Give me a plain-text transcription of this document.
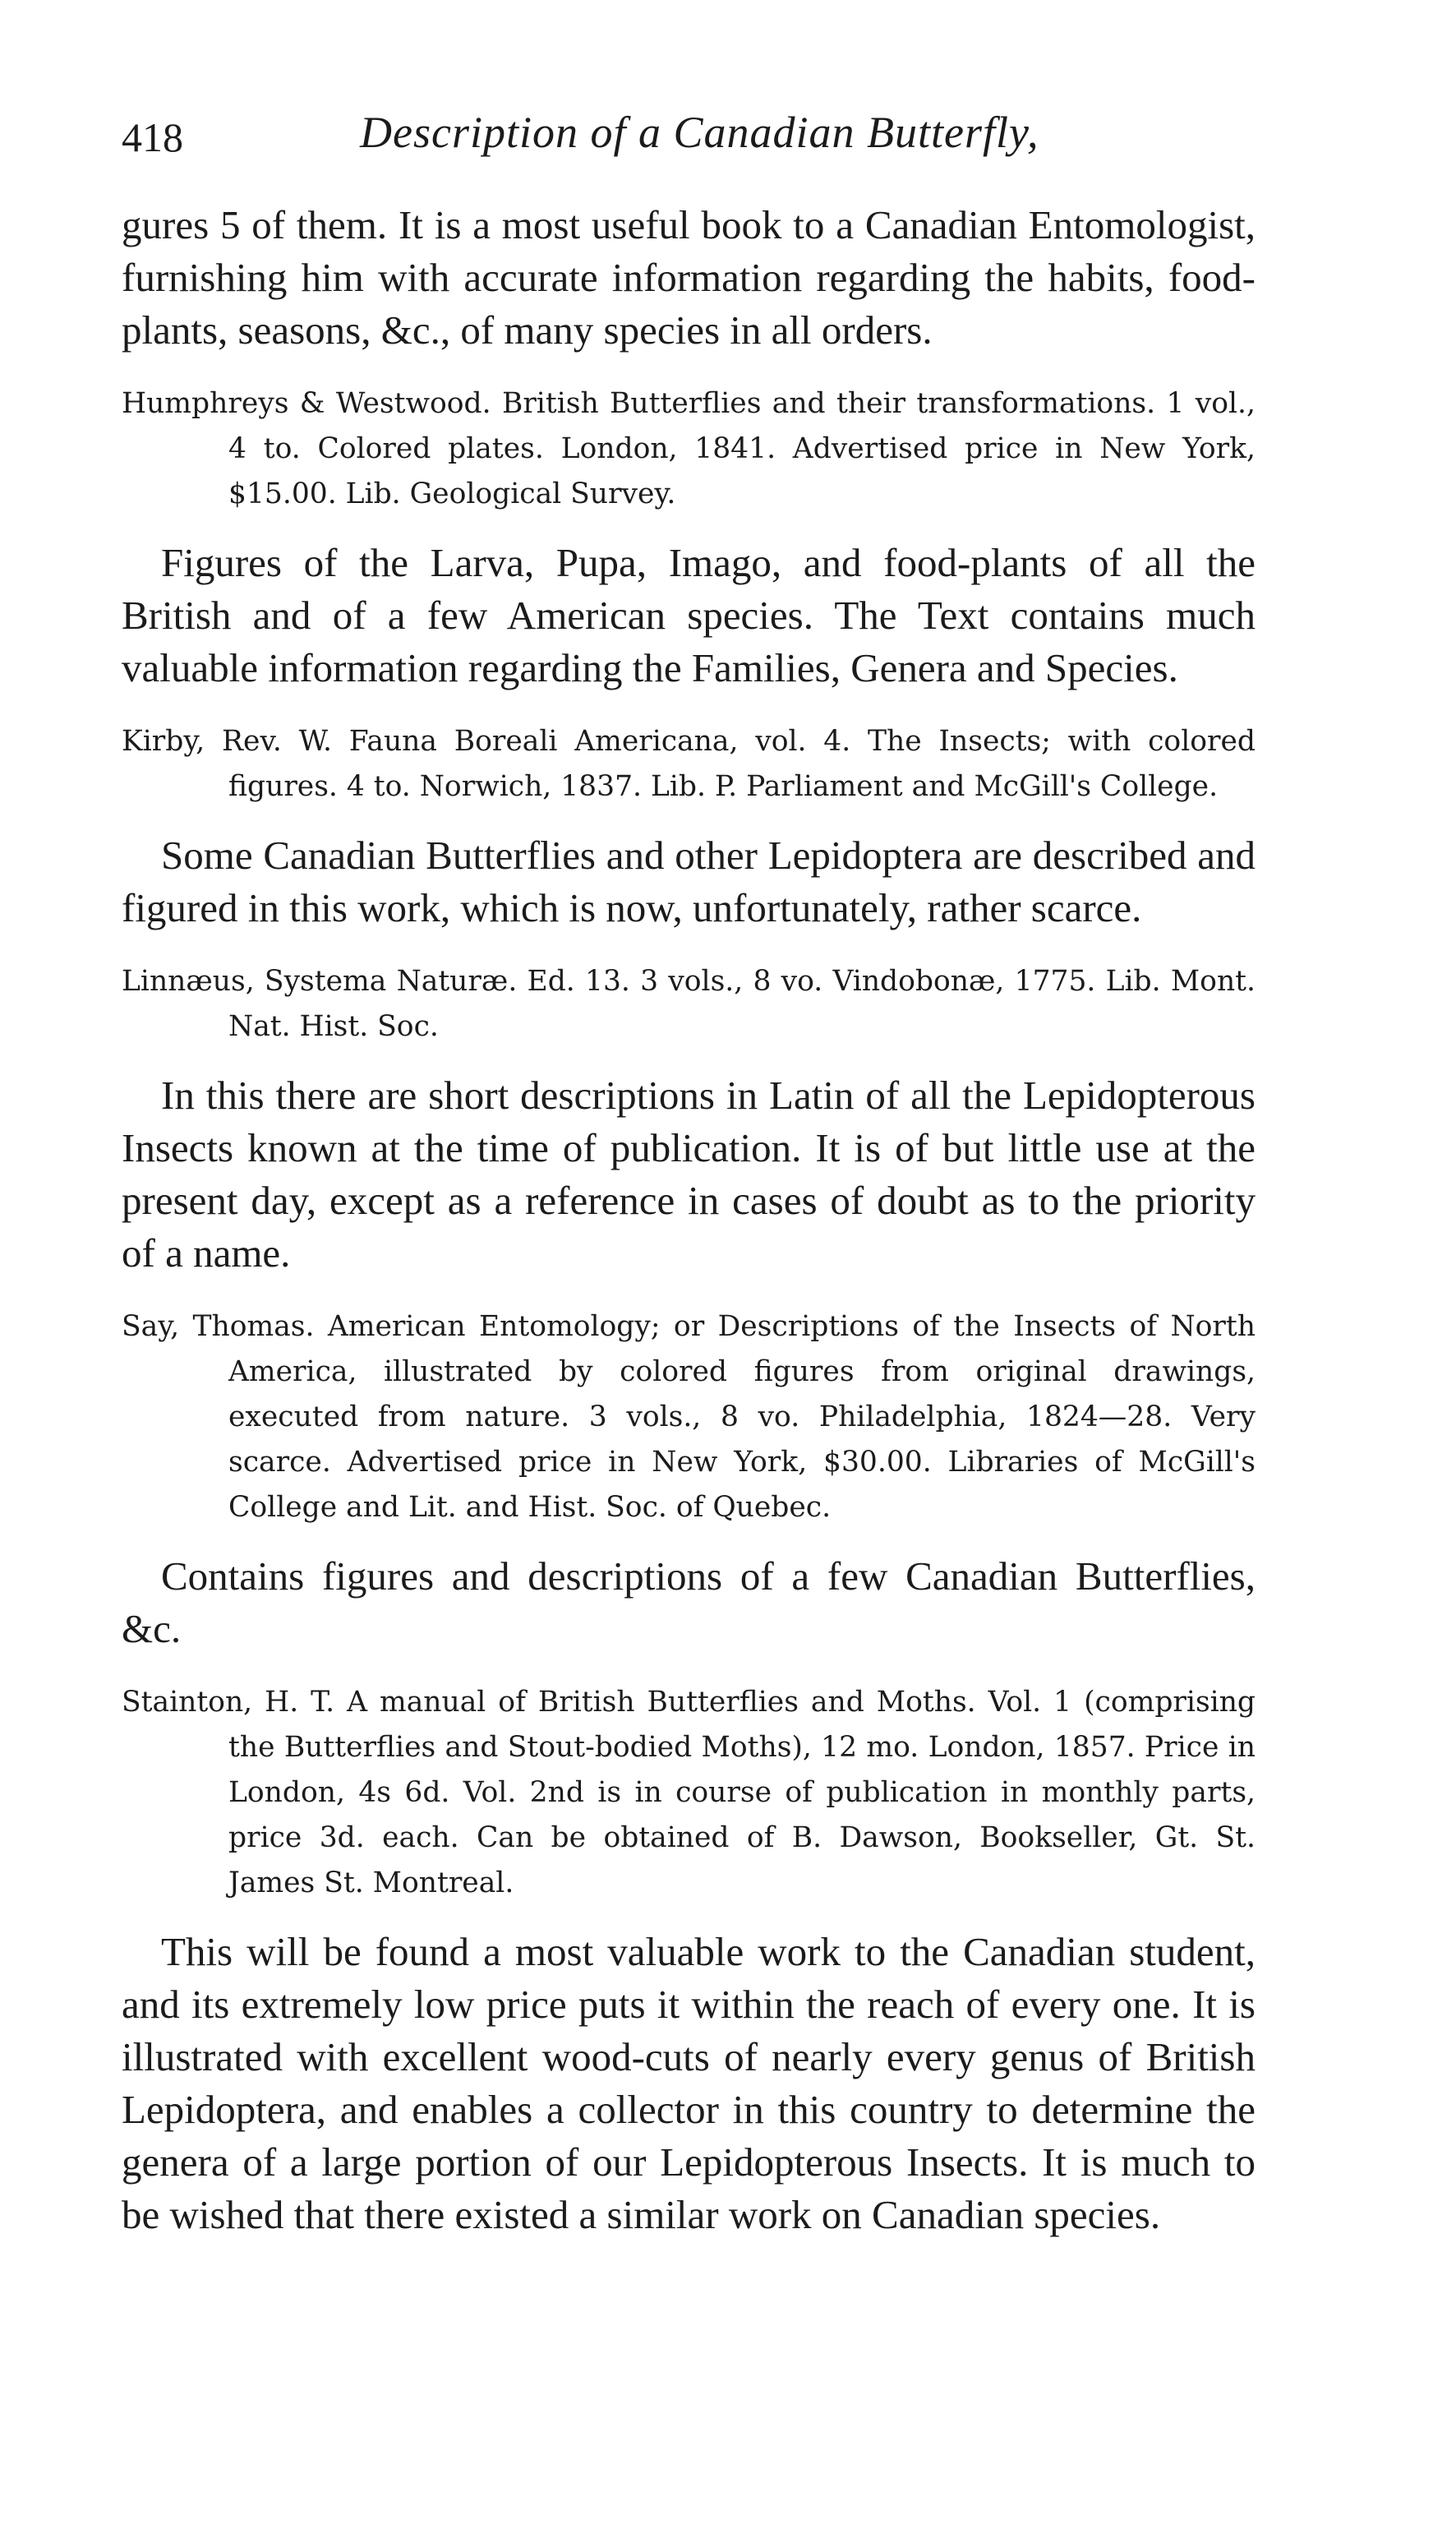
418	Description of a Canadian Butterfly,

gures 5 of them. It is a most useful book to a Canadian Entomologist, furnishing him with accurate information regarding the habits, food-plants, seasons, &c., of many species in all orders.

Humphreys & Westwood. British Butterflies and their transformations. 1 vol., 4 to. Colored plates. London, 1841. Advertised price in New York, $15.00. Lib. Geological Survey.

Figures of the Larva, Pupa, Imago, and food-plants of all the British and of a few American species. The Text contains much valuable information regarding the Families, Genera and Species.

Kirby, Rev. W. Fauna Boreali Americana, vol. 4. The Insects; with colored figures. 4 to. Norwich, 1837. Lib. P. Parliament and McGill's College.

Some Canadian Butterflies and other Lepidoptera are described and figured in this work, which is now, unfortunately, rather scarce.

Linnæus, Systema Naturæ. Ed. 13. 3 vols., 8 vo. Vindobonæ, 1775. Lib. Mont. Nat. Hist. Soc.

In this there are short descriptions in Latin of all the Lepidopterous Insects known at the time of publication. It is of but little use at the present day, except as a reference in cases of doubt as to the priority of a name.

Say, Thomas. American Entomology; or Descriptions of the Insects of North America, illustrated by colored figures from original drawings, executed from nature. 3 vols., 8 vo. Philadelphia, 1824—28. Very scarce. Advertised price in New York, $30.00. Libraries of McGill's College and Lit. and Hist. Soc. of Quebec.

Contains figures and descriptions of a few Canadian Butterflies, &c.

Stainton, H. T. A manual of British Butterflies and Moths. Vol. 1 (comprising the Butterflies and Stout-bodied Moths), 12 mo. London, 1857. Price in London, 4s 6d. Vol. 2nd is in course of publication in monthly parts, price 3d. each. Can be obtained of B. Dawson, Bookseller, Gt. St. James St. Montreal.

This will be found a most valuable work to the Canadian student, and its extremely low price puts it within the reach of every one. It is illustrated with excellent wood-cuts of nearly every genus of British Lepidoptera, and enables a collector in this country to determine the genera of a large portion of our Lepidopterous Insects. It is much to be wished that there existed a similar work on Canadian species.
